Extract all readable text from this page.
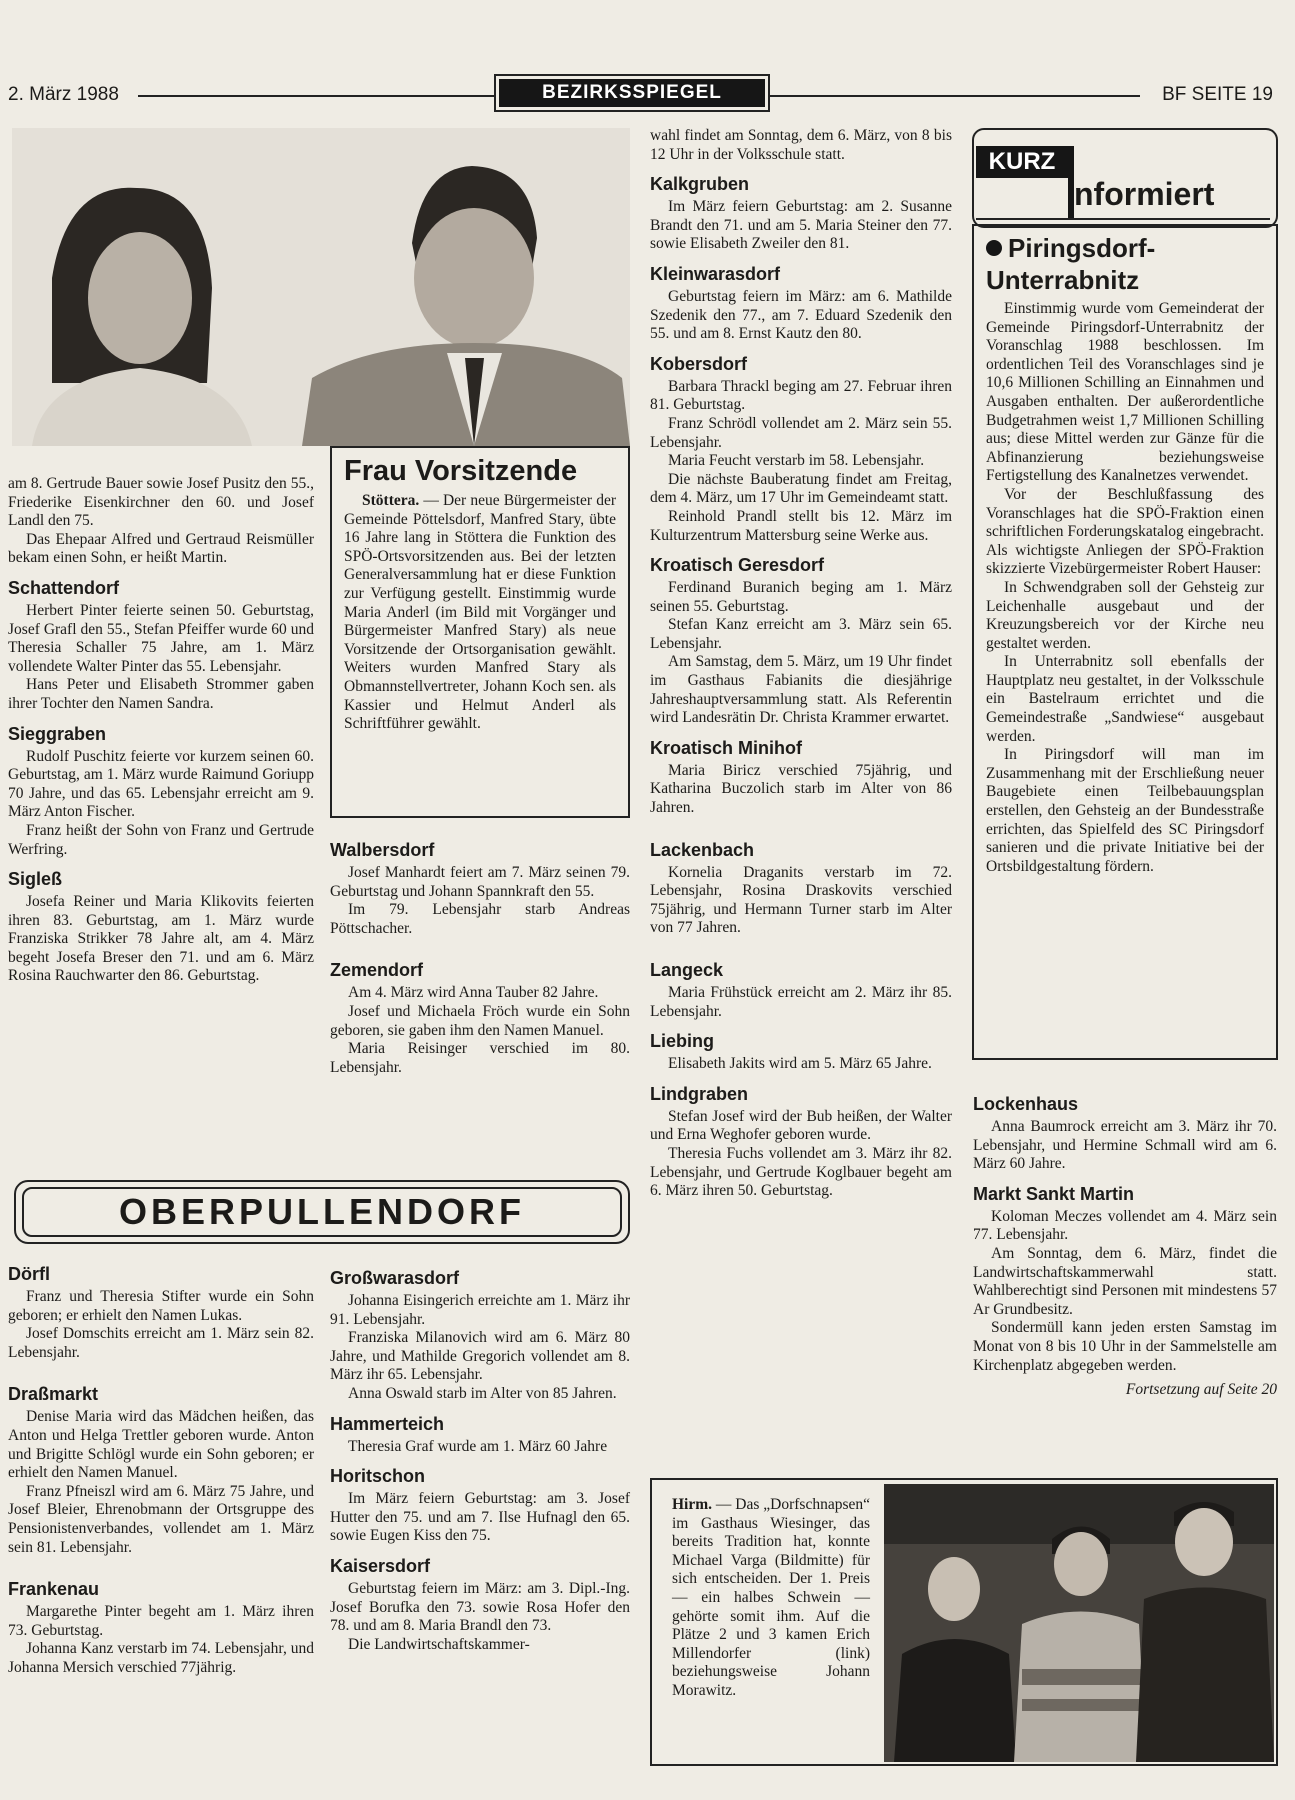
2. März 1988	BEZIRKSSPIEGEL	BF SEITE 19
Frau Vorsitzende

Stöttera. — Der neue Bürgermeister der Gemeinde Pöttelsdorf, Manfred Stary, übte 16 Jahre lang in Stöttera die Funktion des SPÖ-Ortsvorsitzenden aus. Bei der letzten Generalversammlung hat er diese Funktion zur Verfügung gestellt. Einstimmig wurde Maria Anderl (im Bild mit Vorgänger und Bürgermeister Manfred Stary) als neue Vorsitzende der Ortsorganisation gewählt. Weiters wurden Manfred Stary als Obmannstellvertreter, Johann Koch sen. als Kassier und Helmut Anderl als Schriftführer gewählt.

am 8. Gertrude Bauer sowie Josef Pusitz den 55., Friederike Eisenkirchner den 60. und Josef Landl den 75.

Das Ehepaar Alfred und Gertraud Reismüller bekam einen Sohn, er heißt Martin.

Schattendorf

Herbert Pinter feierte seinen 50. Geburtstag, Josef Grafl den 55., Stefan Pfeiffer wurde 60 und Theresia Schaller 75 Jahre, am 1. März vollendete Walter Pinter das 55. Lebensjahr.

Hans Peter und Elisabeth Strommer gaben ihrer Tochter den Namen Sandra.

Sieggraben

Rudolf Puschitz feierte vor kurzem seinen 60. Geburtstag, am 1. März wurde Raimund Goriupp 70 Jahre, und das 65. Lebensjahr erreicht am 9. März Anton Fischer.

Franz heißt der Sohn von Franz und Gertrude Werfring.

Sigleß

Josefa Reiner und Maria Klikovits feierten ihren 83. Geburtstag, am 1. März wurde Franziska Strikker 78 Jahre alt, am 4. März begeht Josefa Breser den 71. und am 6. März Rosina Rauchwarter den 86. Geburtstag.

Walbersdorf

Josef Manhardt feiert am 7. März seinen 79. Geburtstag und Johann Spannkraft den 55.

Im 79. Lebensjahr starb Andreas Pöttschacher.

Zemendorf

Am 4. März wird Anna Tauber 82 Jahre.

Josef und Michaela Fröch wurde ein Sohn geboren, sie gaben ihm den Namen Manuel.

Maria Reisinger verschied im 80. Lebensjahr.

wahl findet am Sonntag, dem 6. März, von 8 bis 12 Uhr in der Volksschule statt.

Kalkgruben

Im März feiern Geburtstag: am 2. Susanne Brandt den 71. und am 5. Maria Steiner den 77. sowie Elisabeth Zweiler den 81.

Kleinwarasdorf

Geburtstag feiern im März: am 6. Mathilde Szedenik den 77., am 7. Eduard Szedenik den 55. und am 8. Ernst Kautz den 80.

Kobersdorf

Barbara Thrackl beging am 27. Februar ihren 81. Geburtstag.

Franz Schrödl vollendet am 2. März sein 55. Lebensjahr.

Maria Feucht verstarb im 58. Lebensjahr.

Die nächste Bauberatung findet am Freitag, dem 4. März, um 17 Uhr im Gemeindeamt statt.

Reinhold Prandl stellt bis 12. März im Kulturzentrum Mattersburg seine Werke aus.

Kroatisch Geresdorf

Ferdinand Buranich beging am 1. März seinen 55. Geburtstag.

Stefan Kanz erreicht am 3. März sein 65. Lebensjahr.

Am Samstag, dem 5. März, um 19 Uhr findet im Gasthaus Fabianits die diesjährige Jahreshauptversammlung statt. Als Referentin wird Landesrätin Dr. Christa Krammer erwartet.

Kroatisch Minihof

Maria Biricz verschied 75jährig, und Katharina Buczolich starb im Alter von 86 Jahren.

Lackenbach

Kornelia Draganits verstarb im 72. Lebensjahr, Rosina Draskovits verschied 75jährig, und Hermann Turner starb im Alter von 77 Jahren.

Langeck

Maria Frühstück erreicht am 2. März ihr 85. Lebensjahr.

Liebing

Elisabeth Jakits wird am 5. März 65 Jahre.

Lindgraben

Stefan Josef wird der Bub heißen, der Walter und Erna Weghofer geboren wurde.

Theresia Fuchs vollendet am 3. März ihr 82. Lebensjahr, und Gertrude Koglbauer begeht am 6. März ihren 50. Geburtstag.

KURZ
nformiert
Piringsdorf-Unterrabnitz

Einstimmig wurde vom Gemeinderat der Gemeinde Piringsdorf-Unterrabnitz der Voranschlag 1988 beschlossen. Im ordentlichen Teil des Voranschlages sind je 10,6 Millionen Schilling an Einnahmen und Ausgaben enthalten. Der außerordentliche Budgetrahmen weist 1,7 Millionen Schilling aus; diese Mittel werden zur Gänze für die Abfinanzierung beziehungsweise Fertigstellung des Kanalnetzes verwendet.

Vor der Beschlußfassung des Voranschlages hat die SPÖ-Fraktion einen schriftlichen Forderungskatalog eingebracht. Als wichtigste Anliegen der SPÖ-Fraktion skizzierte Vizebürgermeister Robert Hauser:

In Schwendgraben soll der Gehsteig zur Leichenhalle ausgebaut und der Kreuzungsbereich vor der Kirche neu gestaltet werden.

In Unterrabnitz soll ebenfalls der Hauptplatz neu gestaltet, in der Volksschule ein Bastelraum errichtet und die Gemeindestraße „Sandwiese“ ausgebaut werden.

In Piringsdorf will man im Zusammenhang mit der Erschließung neuer Baugebiete einen Teilbebauungsplan erstellen, den Gehsteig an der Bundesstraße errichten, das Spielfeld des SC Piringsdorf sanieren und die private Initiative bei der Ortsbildgestaltung fördern.

Lockenhaus

Anna Baumrock erreicht am 3. März ihr 70. Lebensjahr, und Hermine Schmall wird am 6. März 60 Jahre.

Markt Sankt Martin

Koloman Meczes vollendet am 4. März sein 77. Lebensjahr.

Am Sonntag, dem 6. März, findet die Landwirtschaftskammerwahl statt. Wahlberechtigt sind Personen mit mindestens 57 Ar Grundbesitz.

Sondermüll kann jeden ersten Samstag im Monat von 8 bis 10 Uhr in der Sammelstelle am Kirchenplatz abgegeben werden.

Fortsetzung auf Seite 20

OBERPULLENDORF
Dörfl

Franz und Theresia Stifter wurde ein Sohn geboren; er erhielt den Namen Lukas.

Josef Domschits erreicht am 1. März sein 82. Lebensjahr.

Draßmarkt

Denise Maria wird das Mädchen heißen, das Anton und Helga Trettler geboren wurde. Anton und Brigitte Schlögl wurde ein Sohn geboren; er erhielt den Namen Manuel.

Franz Pfneiszl wird am 6. März 75 Jahre, und Josef Bleier, Ehrenobmann der Ortsgruppe des Pensionistenverbandes, vollendet am 1. März sein 81. Lebensjahr.

Frankenau

Margarethe Pinter begeht am 1. März ihren 73. Geburtstag.

Johanna Kanz verstarb im 74. Lebensjahr, und Johanna Mersich verschied 77jährig.

Großwarasdorf

Johanna Eisingerich erreichte am 1. März ihr 91. Lebensjahr.

Franziska Milanovich wird am 6. März 80 Jahre, und Mathilde Gregorich vollendet am 8. März ihr 65. Lebensjahr.

Anna Oswald starb im Alter von 85 Jahren.

Hammerteich

Theresia Graf wurde am 1. März 60 Jahre

Horitschon

Im März feiern Geburtstag: am 3. Josef Hutter den 75. und am 7. Ilse Hufnagl den 65. sowie Eugen Kiss den 75.

Kaisersdorf

Geburtstag feiern im März: am 3. Dipl.-Ing. Josef Borufka den 73. sowie Rosa Hofer den 78. und am 8. Maria Brandl den 73.

Die Landwirtschaftskammer-

Hirm. — Das „Dorfschnapsen“ im Gasthaus Wiesinger, das bereits Tradition hat, konnte Michael Varga (Bildmitte) für sich entscheiden. Der 1. Preis — ein halbes Schwein — gehörte somit ihm. Auf die Plätze 2 und 3 kamen Erich Millendorfer (link) beziehungsweise Johann Morawitz.
